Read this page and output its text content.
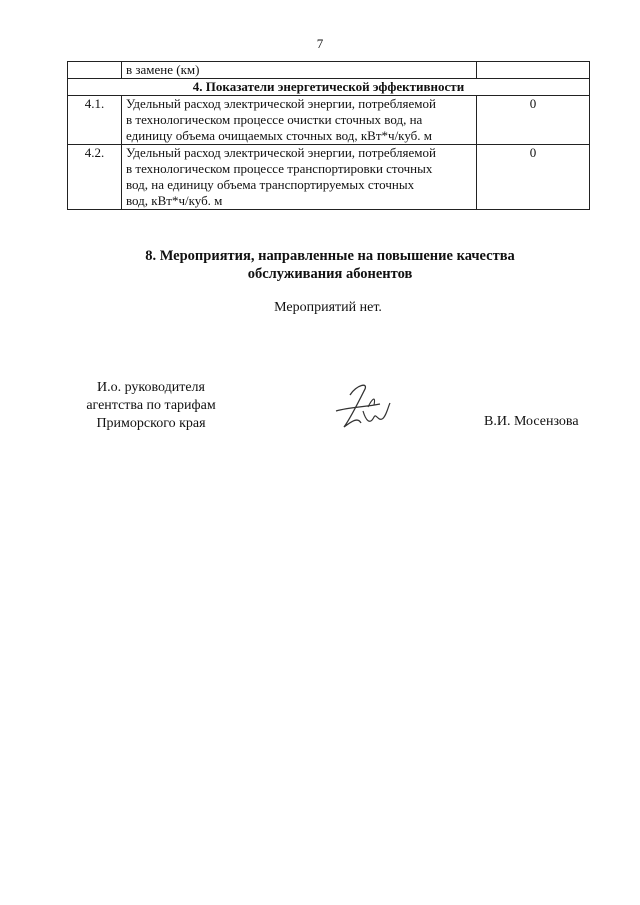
7
	в замене (км)	
4. Показатели энергетической эффективности		
4.1.	Удельный расход электрической энергии, потребляемой
в технологическом процессе очистки сточных вод, на
единицу объема очищаемых сточных вод, кВт*ч/куб. м	0
4.2.	Удельный расход электрической энергии, потребляемой
в технологическом процессе транспортировки сточных
вод, на единицу объема транспортируемых сточных
вод, кВт*ч/куб. м	0
8. Мероприятия, направленные на повышение качества
обслуживания абонентов
Мероприятий нет.
И.о. руководителя
агентства по тарифам
Приморского края	В.И. Мосензова
